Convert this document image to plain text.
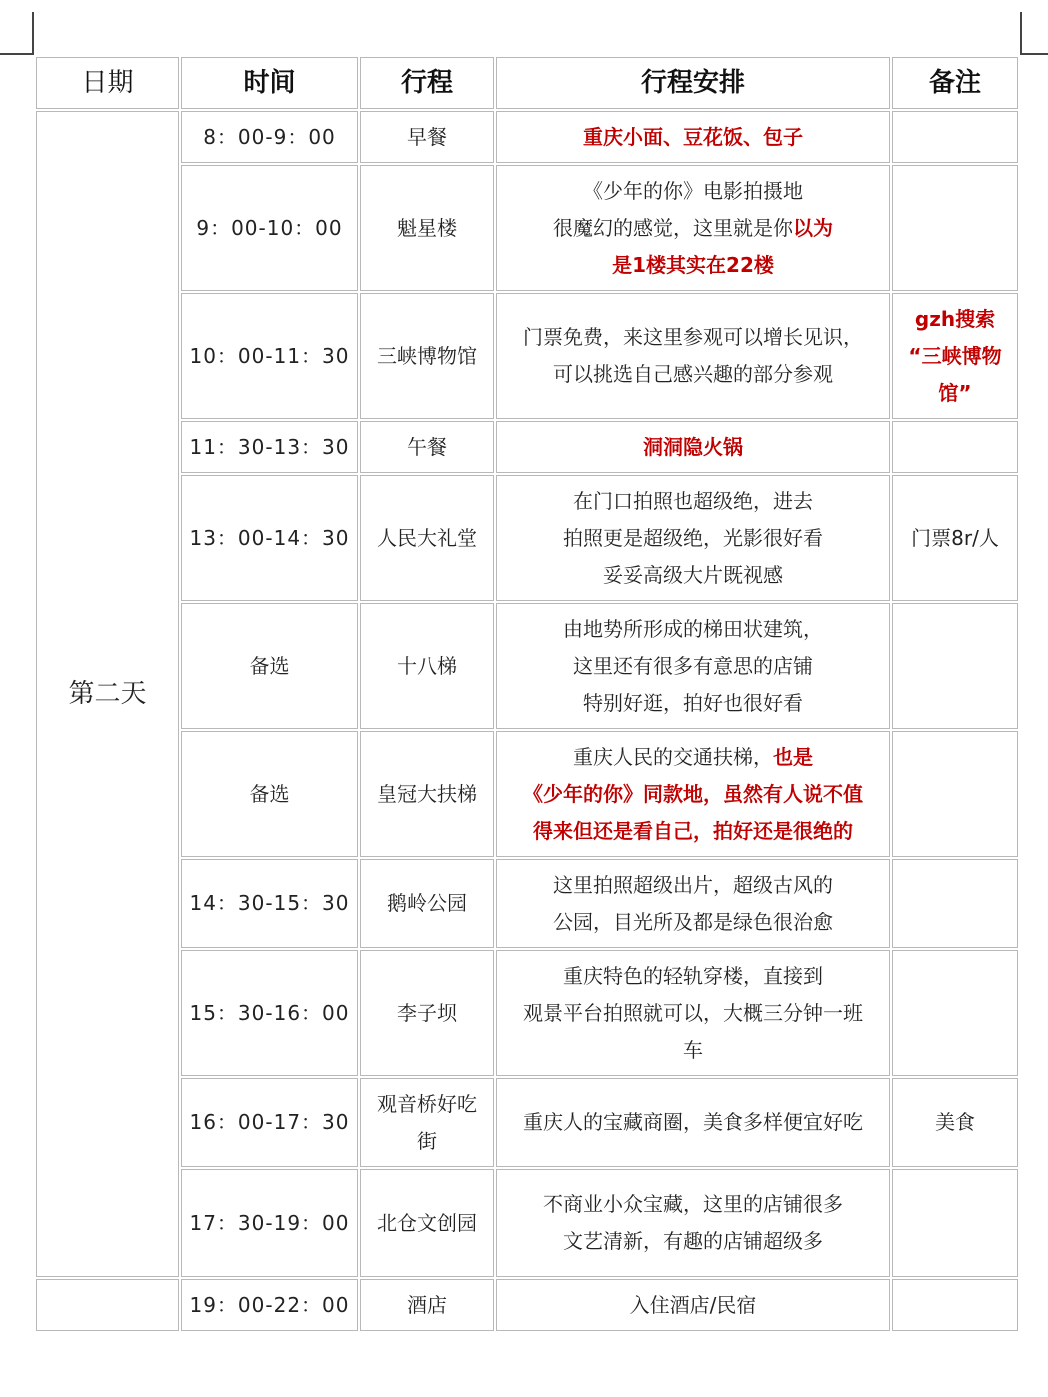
日期	时间	行程	行程安排	备注
第二天	8：00-9：00	早餐	重庆小面、豆花饭、包子	
	9：00-10：00	魁星楼	《少年的你》电影拍摄地
很魔幻的感觉，这里就是你以为
是1楼其实在22楼	

	10：00-11：30	三峡博物馆	门票免费，来这里参观可以增长见识，
可以挑选自己感兴趣的部分参观	gzh搜索
“三峡博物
馆”

	11：30-13：30	午餐	洞洞隐火锅	
	13：00-14：30	人民大礼堂	在门口拍照也超级绝，进去
拍照更是超级绝，光影很好看
妥妥高级大片既视感	门票8r/人
	备选	十八梯	由地势所形成的梯田状建筑，
这里还有很多有意思的店铺
特别好逛，拍好也很好看	

	备选	皇冠大扶梯	重庆人民的交通扶梯，也是
《少年的你》同款地，虽然有人说不值
得来但还是看自己，拍好还是很绝的	

	14：30-15：30	鹅岭公园	这里拍照超级出片，超级古风的
公园，目光所及都是绿色很治愈	

	15：30-16：00	李子坝	重庆特色的轻轨穿楼，直接到
观景平台拍照就可以，大概三分钟一班
车	

	16：00-17：30	观音桥好吃
街	重庆人的宝藏商圈，美食多样便宜好吃	美食
	17：30-19：00	北仓文创园	不商业小众宝藏，这里的店铺很多
文艺清新，有趣的店铺超级多	

	19：00-22：00	酒店	入住酒店/民宿	
